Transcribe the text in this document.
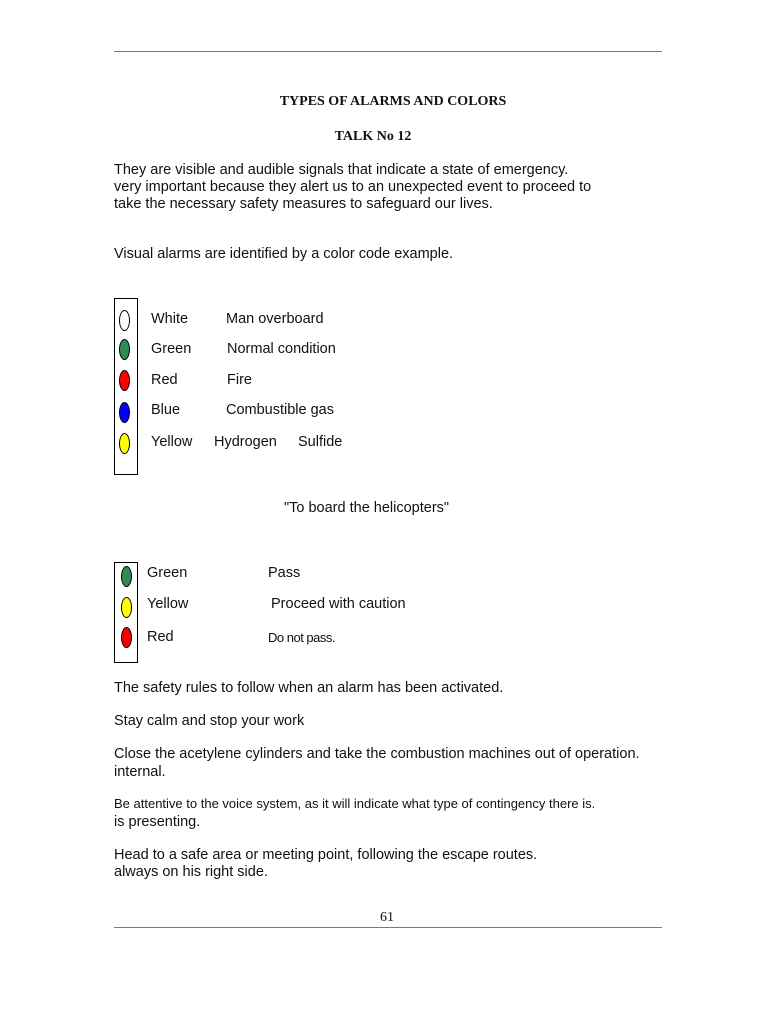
TYPES OF ALARMS AND COLORS
TALK No 12
They are visible and audible signals that indicate a state of emergency.
very important because they alert us to an unexpected event to proceed to
take the necessary safety measures to safeguard our lives.
Visual alarms are identified by a color code example.
White	Man overboard
Green Normal condition
Red	Fire
Blue	Combustible gas
Yellow Hydrogen Sulfide
"To board the helicopters"
Green	Pass
Yellow	Proceed with caution
Red	Do not pass.
The safety rules to follow when an alarm has been activated.
Stay calm and stop your work
Close the acetylene cylinders and take the combustion machines out of operation.
internal.
Be attentive to the voice system, as it will indicate what type of contingency there is.
is presenting.
Head to a safe area or meeting point, following the escape routes.
always on his right side.
61
